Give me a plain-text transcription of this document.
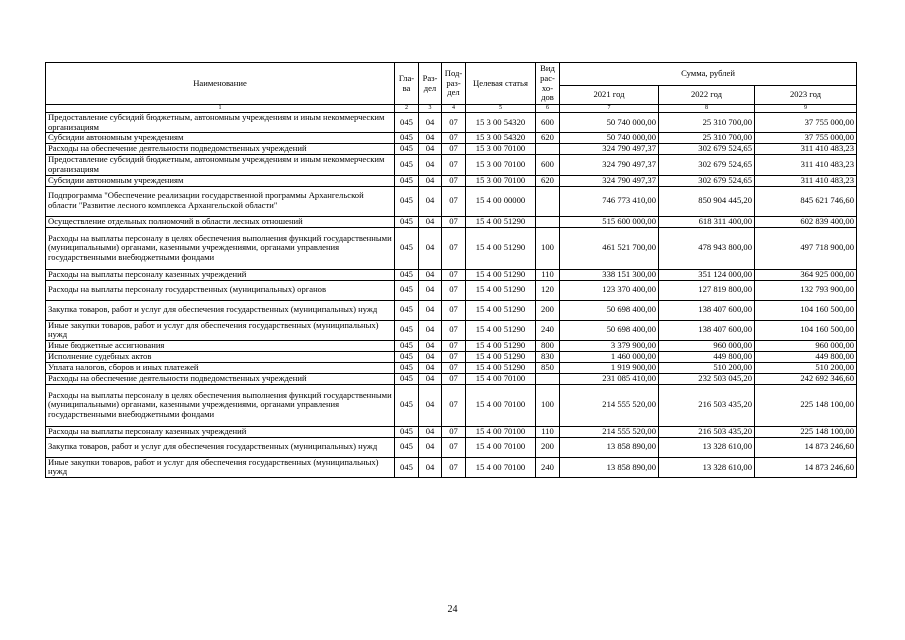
Наименование	Гла-ва	Раз-дел	Под-раз-дел	Целевая статья	Вид рас-хо-дов	Сумма, рублей		
						2021 год	2022 год	2023 год
1	2	3	4	5	6	7	8	9
Предоставление субсидий бюджетным, автономным учреждениям и иным некоммерческим организациям	045	04	07	15 3 00 54320	600	50 740 000,00	25 310 700,00	37 755 000,00
Субсидии автономным учреждениям	045	04	07	15 3 00 54320	620	50 740 000,00	25 310 700,00	37 755 000,00
Расходы на обеспечение деятельности подведомственных учреждений	045	04	07	15 3 00 70100		324 790 497,37	302 679 524,65	311 410 483,23
Предоставление субсидий бюджетным, автономным учреждениям и иным некоммерческим организациям	045	04	07	15 3 00 70100	600	324 790 497,37	302 679 524,65	311 410 483,23
Субсидии автономным учреждениям	045	04	07	15 3 00 70100	620	324 790 497,37	302 679 524,65	311 410 483,23
Подпрограмма "Обеспечение реализации государственной программы Архангельской области "Развитие лесного комплекса Архангельской области"	045	04	07	15 4 00 00000		746 773 410,00	850 904 445,20	845 621 746,60
Осуществление отдельных полномочий в области лесных отношений	045	04	07	15 4 00 51290		515 600 000,00	618 311 400,00	602 839 400,00
Расходы на выплаты персоналу в целях обеспечения выполнения функций государственными (муниципальными) органами, казенными учреждениями, органами управления государственными внебюджетными фондами	045	04	07	15 4 00 51290	100	461 521 700,00	478 943 800,00	497 718 900,00
Расходы на выплаты персоналу казенных учреждений	045	04	07	15 4 00 51290	110	338 151 300,00	351 124 000,00	364 925 000,00
Расходы на выплаты персоналу государственных (муниципальных) органов	045	04	07	15 4 00 51290	120	123 370 400,00	127 819 800,00	132 793 900,00
Закупка товаров, работ и услуг для обеспечения государственных (муниципальных) нужд	045	04	07	15 4 00 51290	200	50 698 400,00	138 407 600,00	104 160 500,00
Иные закупки товаров, работ и услуг для обеспечения государственных (муниципальных) нужд	045	04	07	15 4 00 51290	240	50 698 400,00	138 407 600,00	104 160 500,00
Иные бюджетные ассигнования	045	04	07	15 4 00 51290	800	3 379 900,00	960 000,00	960 000,00
Исполнение судебных актов	045	04	07	15 4 00 51290	830	1 460 000,00	449 800,00	449 800,00
Уплата налогов, сборов и иных платежей	045	04	07	15 4 00 51290	850	1 919 900,00	510 200,00	510 200,00
Расходы на обеспечение деятельности подведомственных учреждений	045	04	07	15 4 00 70100		231 085 410,00	232 503 045,20	242 692 346,60
Расходы на выплаты персоналу в целях обеспечения выполнения функций государственными (муниципальными) органами, казенными учреждениями, органами управления государственными внебюджетными фондами	045	04	07	15 4 00 70100	100	214 555 520,00	216 503 435,20	225 148 100,00
Расходы на выплаты персоналу казенных учреждений	045	04	07	15 4 00 70100	110	214 555 520,00	216 503 435,20	225 148 100,00
Закупка товаров, работ и услуг для обеспечения государственных (муниципальных) нужд	045	04	07	15 4 00 70100	200	13 858 890,00	13 328 610,00	14 873 246,60
Иные закупки товаров, работ и услуг для обеспечения государственных (муниципальных) нужд	045	04	07	15 4 00 70100	240	13 858 890,00	13 328 610,00	14 873 246,60
24
